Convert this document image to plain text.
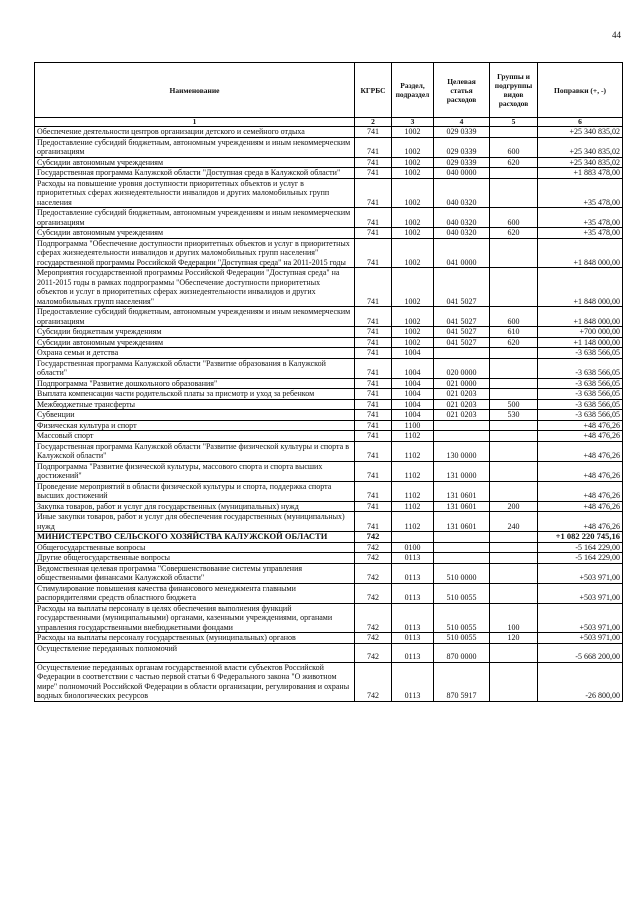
44
Наименование	КГРБС	Раздел, подраздел	Целевая статья расходов	Группы и подгруппы видов расходов	Поправки (+, -)
1	2	3	4	5	6
Обеспечение деятельности центров организации детского и семейного отдыха	741	1002	029 0339		+25 340 835,02
Предоставление субсидий бюджетным, автономным учреждениям и иным некоммерческим организациям	741	1002	029 0339	600	+25 340 835,02
Субсидии автономным учреждениям	741	1002	029 0339	620	+25 340 835,02
Государственная программа Калужской области "Доступная среда в Калужской области"	741	1002	040 0000		+1 883 478,00
Расходы на повышение уровня доступности приоритетных объектов и услуг в приоритетных сферах жизнедеятельности инвалидов и других маломобильных групп населения	741	1002	040 0320		+35 478,00
Предоставление субсидий бюджетным, автономным учреждениям и иным некоммерческим организациям	741	1002	040 0320	600	+35 478,00
Субсидии автономным учреждениям	741	1002	040 0320	620	+35 478,00
Подпрограмма "Обеспечение доступности приоритетных объектов и услуг в приоритетных сферах жизнедеятельности инвалидов и других маломобильных групп населения" государственной программы Российской Федерации "Доступная среда" на 2011-2015 годы	741	1002	041 0000		+1 848 000,00
Мероприятия государственной программы Российской Федерации "Доступная среда" на 2011-2015 годы в рамках подпрограммы "Обеспечение доступности приоритетных объектов и услуг в приоритетных сферах жизнедеятельности инвалидов и других маломобильных групп населения"	741	1002	041 5027		+1 848 000,00
Предоставление субсидий бюджетным, автономным учреждениям и иным некоммерческим организациям	741	1002	041 5027	600	+1 848 000,00
Субсидии бюджетным учреждениям	741	1002	041 5027	610	+700 000,00
Субсидии автономным учреждениям	741	1002	041 5027	620	+1 148 000,00
Охрана семьи и детства	741	1004			-3 638 566,05
Государственная программа Калужской области "Развитие образования в Калужской области"	741	1004	020 0000		-3 638 566,05
Подпрограмма "Развитие дошкольного образования"	741	1004	021 0000		-3 638 566,05
Выплата компенсации части родительской платы за присмотр и уход за ребенком	741	1004	021 0203		-3 638 566,05
Межбюджетные трансферты	741	1004	021 0203	500	-3 638 566,05
Субвенции	741	1004	021 0203	530	-3 638 566,05
Физическая культура и спорт	741	1100			+48 476,26
Массовый спорт	741	1102			+48 476,26
Государственная программа Калужской области "Развитие физической культуры и спорта в Калужской области"	741	1102	130 0000		+48 476,26
Подпрограмма "Развитие физической культуры, массового спорта и спорта высших достижений"	741	1102	131 0000		+48 476,26
Проведение мероприятий в области физической культуры и спорта, поддержка спорта высших достижений	741	1102	131 0601		+48 476,26
Закупка товаров, работ и услуг для государственных (муниципальных) нужд	741	1102	131 0601	200	+48 476,26
Иные закупки товаров, работ и услуг для обеспечения государственных (муниципальных) нужд	741	1102	131 0601	240	+48 476,26
МИНИСТЕРСТВО СЕЛЬСКОГО ХОЗЯЙСТВА КАЛУЖСКОЙ ОБЛАСТИ	742				+1 082 220 745,16
Общегосударственные вопросы	742	0100			-5 164 229,00
Другие общегосударственные вопросы	742	0113			-5 164 229,00
Ведомственная целевая программа "Совершенствование системы управления общественными финансами Калужской области"	742	0113	510 0000		+503 971,00
Стимулирование повышения качества финансового менеджмента главными распорядителями средств областного бюджета	742	0113	510 0055		+503 971,00
Расходы на выплаты персоналу в целях обеспечения выполнения функций государственными (муниципальными) органами, казенными учреждениями, органами управления государственными внебюджетными фондами	742	0113	510 0055	100	+503 971,00
Расходы на выплаты персоналу государственных (муниципальных) органов	742	0113	510 0055	120	+503 971,00
Осуществление переданных полномочий	742	0113	870 0000		-5 668 200,00
Осуществление переданных органам государственной власти субъектов Российской Федерации в соответствии с частью первой статьи 6 Федерального закона "О животном мире" полномочий Российской Федерации в области организации, регулирования и охраны водных биологических ресурсов	742	0113	870 5917		-26 800,00
